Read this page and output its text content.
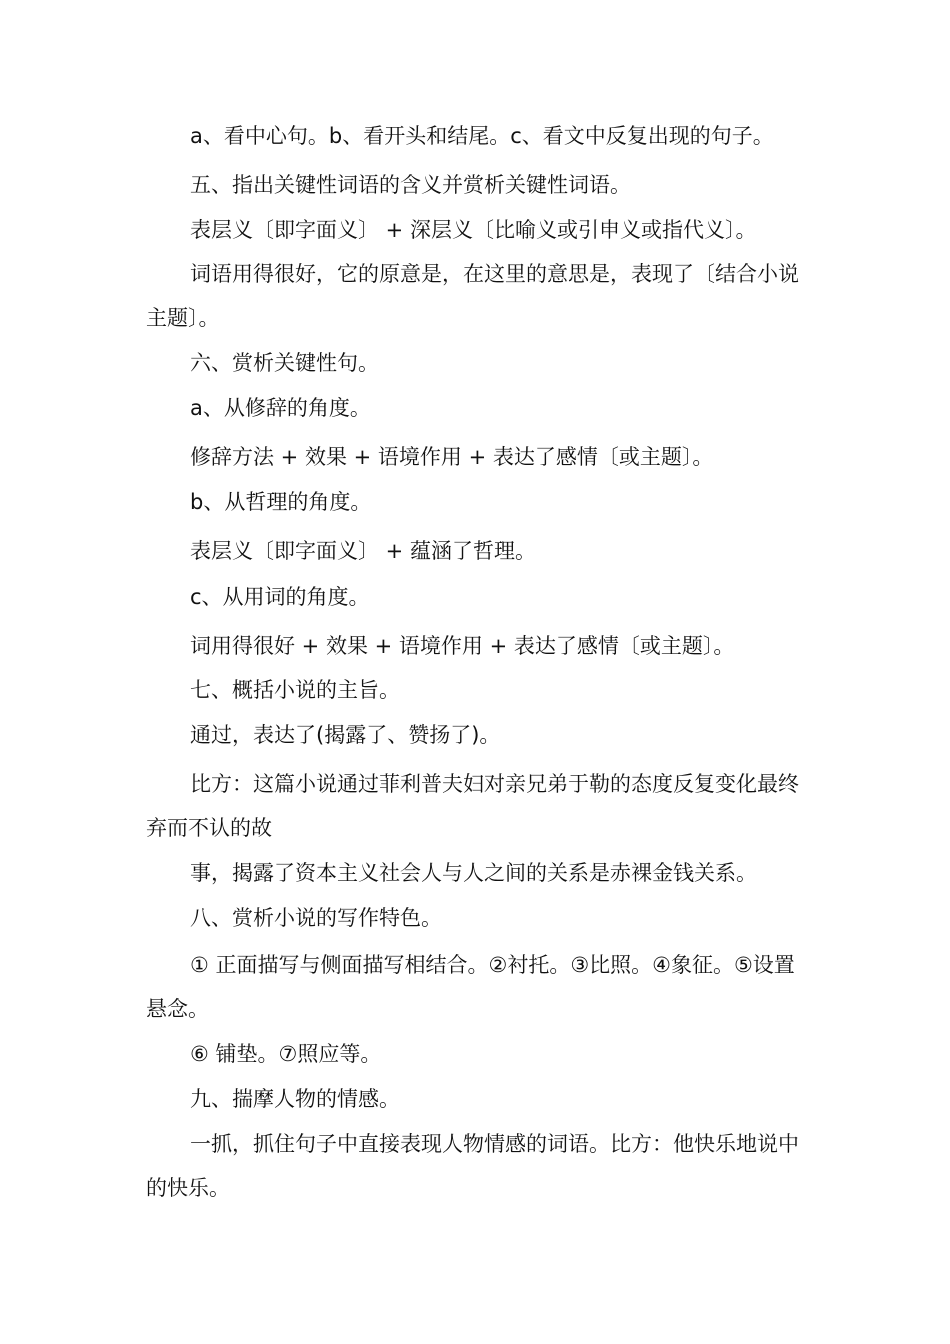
a、看中心句。b、看开头和结尾。c、看文中反复出现的句子。

五、指出关键性词语的含义并赏析关键性词语。

表层义〔即字面义〕 + 深层义〔比喻义或引申义或指代义〕。

词语用得很好，它的原意是，在这里的意思是，表现了〔结合小说主题〕。

六、赏析关键性句。

a、从修辞的角度。

修辞方法 + 效果 + 语境作用 + 表达了感情〔或主题〕。

b、从哲理的角度。

表层义〔即字面义〕 + 蕴涵了哲理。

c、从用词的角度。

词用得很好 + 效果 + 语境作用 + 表达了感情〔或主题〕。

七、概括小说的主旨。

通过，表达了(揭露了、赞扬了)。

比方：这篇小说通过菲利普夫妇对亲兄弟于勒的态度反复变化最终弃而不认的故

事，揭露了资本主义社会人与人之间的关系是赤裸金钱关系。

八、赏析小说的写作特色。

① 正面描写与侧面描写相结合。②衬托。③比照。④象征。⑤设置悬念。

⑥ 铺垫。⑦照应等。

九、揣摩人物的情感。

一抓，抓住句子中直接表现人物情感的词语。比方：他快乐地说中的快乐。
